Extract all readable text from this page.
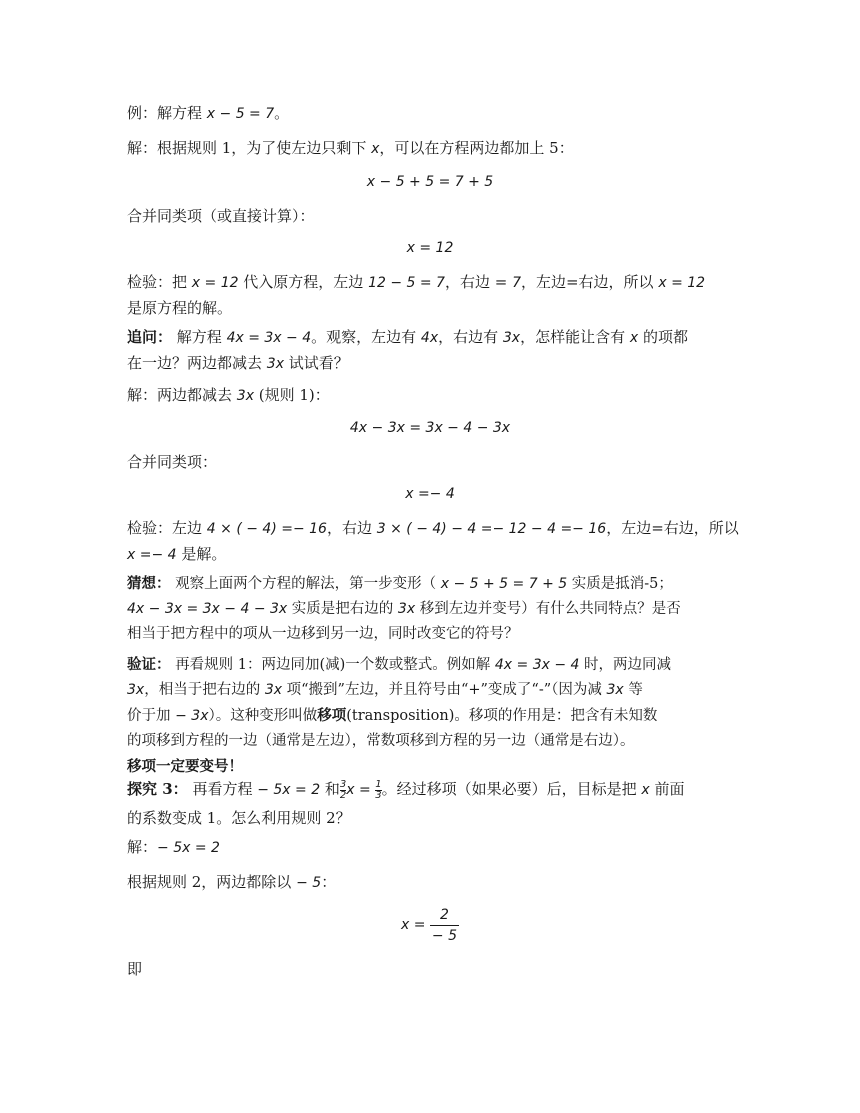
例：解方程 x − 5 = 7。
解：根据规则 1，为了使左边只剩下 x，可以在方程两边都加上 5：
x − 5 + 5 = 7 + 5
合并同类项（或直接计算）：
x = 12
检验：把 x = 12 代入原方程，左边 12 − 5 = 7，右边 = 7，左边=右边，所以 x = 12
是原方程的解。
追问： 解方程 4x = 3x − 4。观察，左边有 4x，右边有 3x，怎样能让含有 x 的项都
在一边？两边都减去 3x 试试看？
解：两边都减去 3x (规则 1)：
4x − 3x = 3x − 4 − 3x
合并同类项：
x =− 4
检验：左边 4 × ( − 4) =− 16，右边 3 × ( − 4) − 4 =− 12 − 4 =− 16，左边=右边，所以
x =− 4 是解。
猜想： 观察上面两个方程的解法，第一步变形（ x − 5 + 5 = 7 + 5 实质是抵消-5；
4x − 3x = 3x − 4 − 3x 实质是把右边的 3x 移到左边并变号）有什么共同特点？是否
相当于把方程中的项从一边移到另一边，同时改变它的符号？
验证： 再看规则 1：两边同加(减)一个数或整式。例如解 4x = 3x − 4 时，两边同减
3x，相当于把右边的 3x 项“搬到”左边，并且符号由“+”变成了“-”（因为减 3x 等
价于加 − 3x）。这种变形叫做移项(transposition)。移项的作用是：把含有未知数
的项移到方程的一边（通常是左边），常数项移到方程的另一边（通常是右边）。
移项一定要变号！
探究 3： 再看方程 − 5x = 2 和 $\frac{3}{2}$ $x = \frac{1}{3}$ 。经过移项（如果必要）后，目标是把 x 前面
的系数变成 1。怎么利用规则 2？
解：− 5x = 2
根据规则 2，两边都除以 − 5：
$x = \frac{2}{- 5}$
即
